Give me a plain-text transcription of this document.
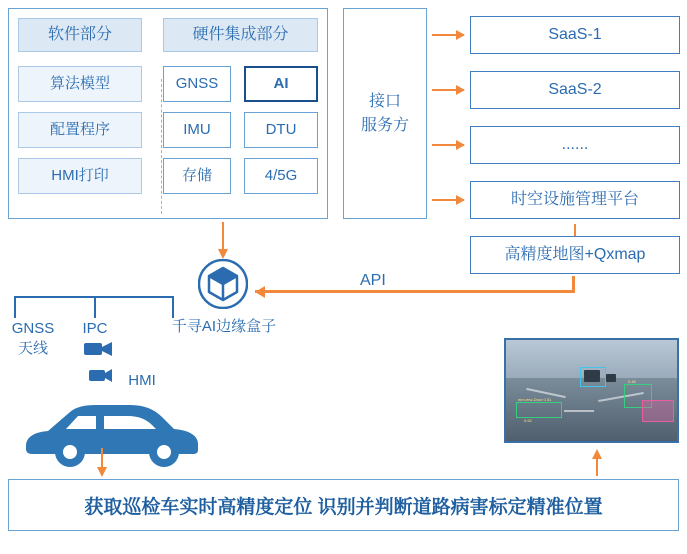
软件部分	硬件集成部分
算法模型
配置程序
HMI打印
GNSS	AI
IMU	DTU
存储	4/5G
接口
服务方
SaaS-1
SaaS-2
......
时空设施管理平台
高精度地图+Qxmap
API
千寻AI边缘盒子
GNSS
天线
IPC
HMI	0.46
mm-erw-Door 0.51
0.52
获取巡检车实时高精度定位 识别并判断道路病害标定精准位置
